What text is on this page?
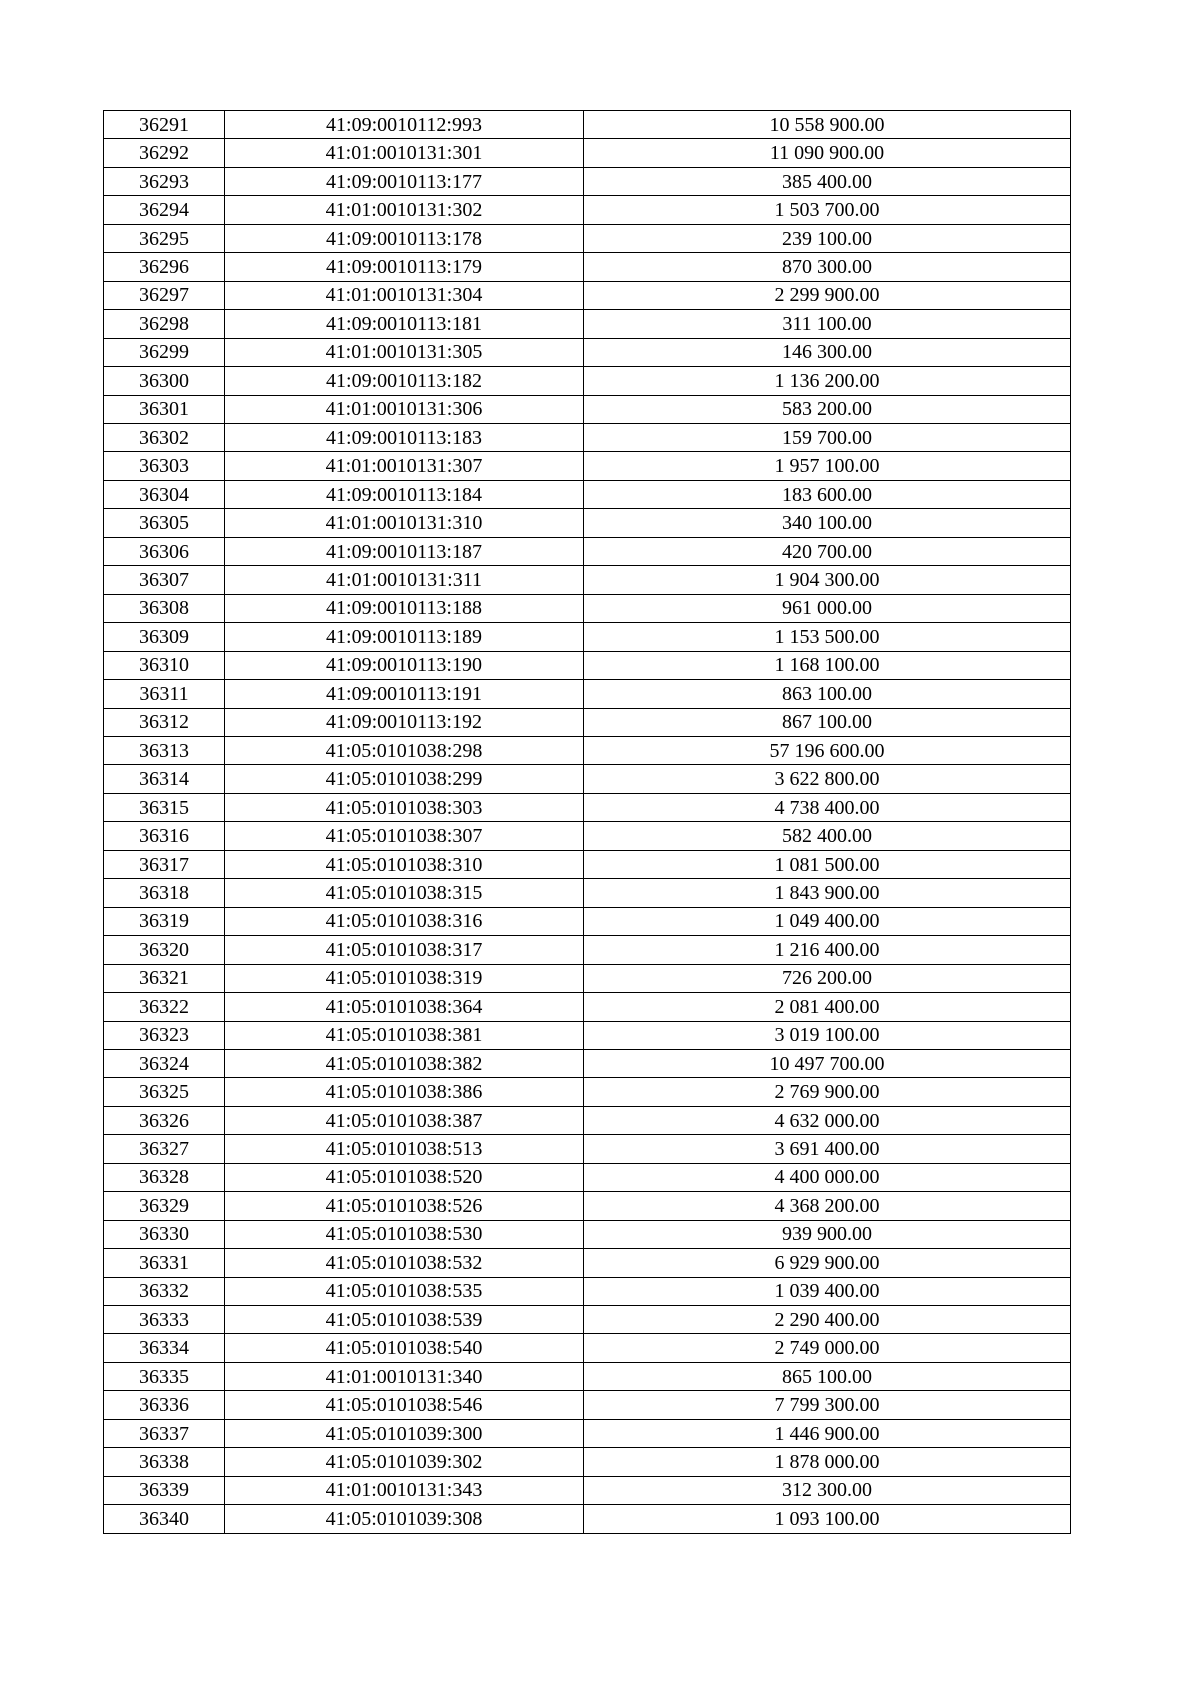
36291	41:09:0010112:993	10 558 900.00
36292	41:01:0010131:301	11 090 900.00
36293	41:09:0010113:177	385 400.00
36294	41:01:0010131:302	1 503 700.00
36295	41:09:0010113:178	239 100.00
36296	41:09:0010113:179	870 300.00
36297	41:01:0010131:304	2 299 900.00
36298	41:09:0010113:181	311 100.00
36299	41:01:0010131:305	146 300.00
36300	41:09:0010113:182	1 136 200.00
36301	41:01:0010131:306	583 200.00
36302	41:09:0010113:183	159 700.00
36303	41:01:0010131:307	1 957 100.00
36304	41:09:0010113:184	183 600.00
36305	41:01:0010131:310	340 100.00
36306	41:09:0010113:187	420 700.00
36307	41:01:0010131:311	1 904 300.00
36308	41:09:0010113:188	961 000.00
36309	41:09:0010113:189	1 153 500.00
36310	41:09:0010113:190	1 168 100.00
36311	41:09:0010113:191	863 100.00
36312	41:09:0010113:192	867 100.00
36313	41:05:0101038:298	57 196 600.00
36314	41:05:0101038:299	3 622 800.00
36315	41:05:0101038:303	4 738 400.00
36316	41:05:0101038:307	582 400.00
36317	41:05:0101038:310	1 081 500.00
36318	41:05:0101038:315	1 843 900.00
36319	41:05:0101038:316	1 049 400.00
36320	41:05:0101038:317	1 216 400.00
36321	41:05:0101038:319	726 200.00
36322	41:05:0101038:364	2 081 400.00
36323	41:05:0101038:381	3 019 100.00
36324	41:05:0101038:382	10 497 700.00
36325	41:05:0101038:386	2 769 900.00
36326	41:05:0101038:387	4 632 000.00
36327	41:05:0101038:513	3 691 400.00
36328	41:05:0101038:520	4 400 000.00
36329	41:05:0101038:526	4 368 200.00
36330	41:05:0101038:530	939 900.00
36331	41:05:0101038:532	6 929 900.00
36332	41:05:0101038:535	1 039 400.00
36333	41:05:0101038:539	2 290 400.00
36334	41:05:0101038:540	2 749 000.00
36335	41:01:0010131:340	865 100.00
36336	41:05:0101038:546	7 799 300.00
36337	41:05:0101039:300	1 446 900.00
36338	41:05:0101039:302	1 878 000.00
36339	41:01:0010131:343	312 300.00
36340	41:05:0101039:308	1 093 100.00
